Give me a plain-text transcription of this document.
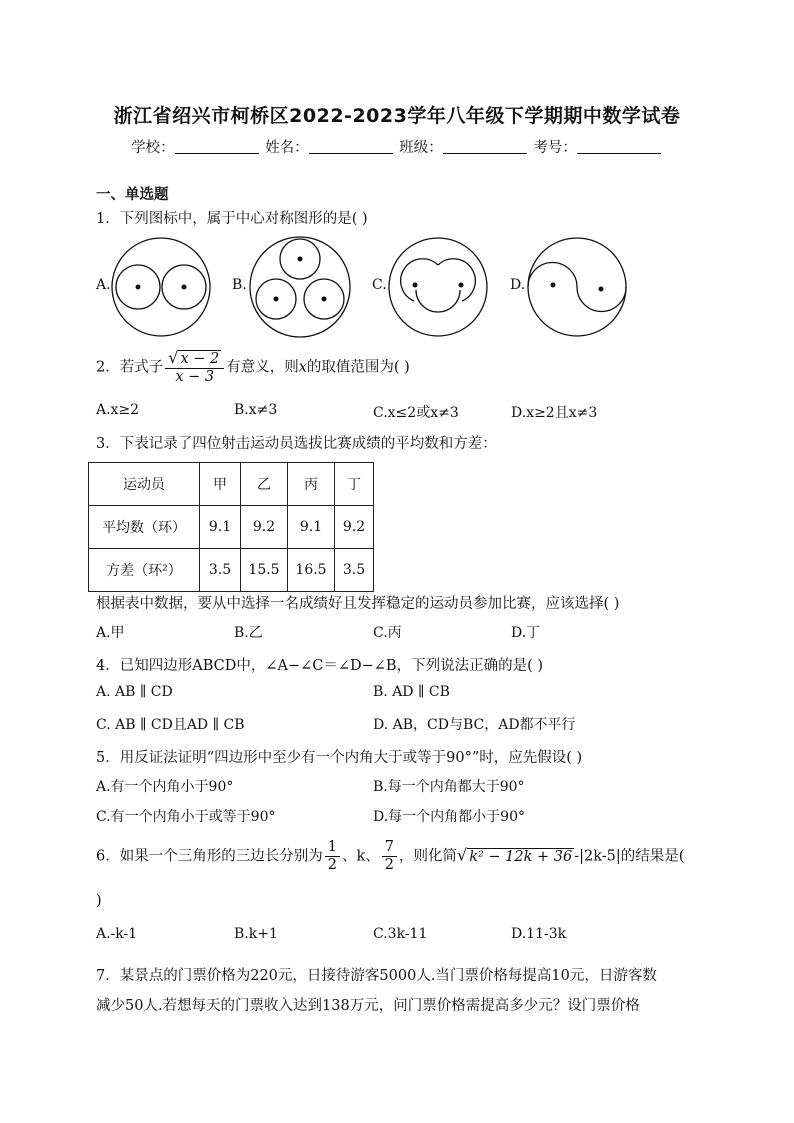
浙江省绍兴市柯桥区2022-2023学年八年级下学期期中数学试卷
学校：	姓名：	班级：	考号：
一、单选题
1．下列图标中，属于中心对称图形的是( )
A.	B.	C.	D.
2．若式子 $\frac{√ x - 2}{x - 3}$ 有意义，则x的取值范围为( )
A.x≥2	B.x≠3	C.x≤2或x≠3	D.x≥2且x≠3
3．下表记录了四位射击运动员选拔比赛成绩的平均数和方差：
运动员	甲	乙	丙	丁
平均数（环）	9.1	9.2	9.1	9.2
方差（环²）	3.5	15.5	16.5	3.5
根据表中数据，要从中选择一名成绩好且发挥稳定的运动员参加比赛，应该选择( )
A.甲	B.乙	C.丙	D.丁
4．已知四边形ABCD中，∠A−∠C＝∠D−∠B，下列说法正确的是( )
A. AB ∥ CD	B. AD ∥ CB
C. AB ∥ CD且AD ∥ CB	D. AB，CD与BC，AD都不平行
5．用反证法证明“四边形中至少有一个内角大于或等于90°”时，应先假设( )
A.有一个内角小于90°	B.每一个内角都大于90°
C.有一个内角小于或等于90°	D.每一个内角都小于90°
6．如果一个三角形的三边长分别为 $\frac{1}{2}$ 、k、 $\frac{7}{2}$ ，则化简√ k² − 12k + 36 -|2k-5|的结果是(
)
A.-k-1	B.k+1	C.3k-11	D.11-3k
7．某景点的门票价格为220元，日接待游客5000人.当门票价格每提高10元，日游客数
减少50人.若想每天的门票收入达到138万元，问门票价格需提高多少元？设门票价格
